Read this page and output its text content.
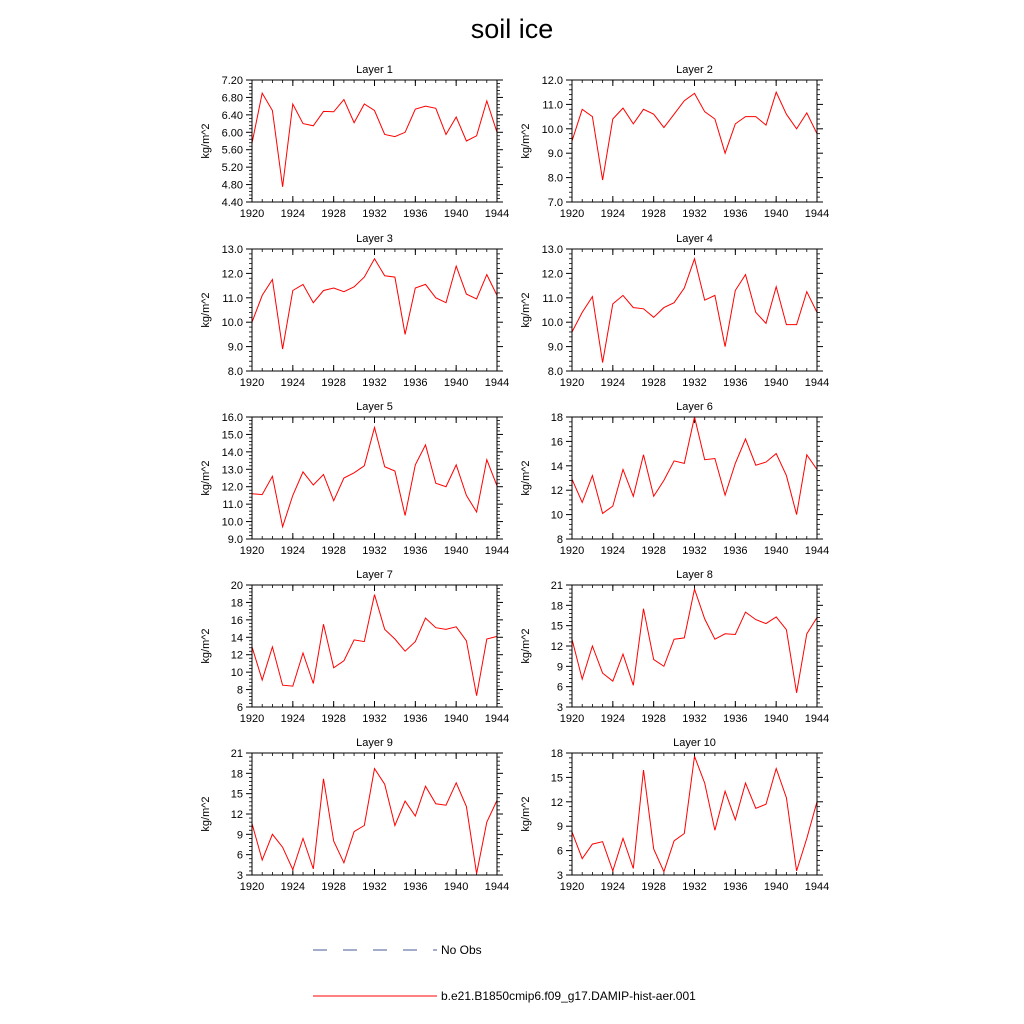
soil ice
Layer 1
1920 1924 1928 1932 1936 1940 1944
4.40
4.80
5.20
5.60
6.00
6.40
6.80
7.20
kg/m^2
Layer 2
1920 1924 1928 1932 1936 1940 1944
7.0
8.0
9.0
10.0
11.0
12.0
kg/m^2
Layer 3
1920 1924 1928 1932 1936 1940 1944
8.0
9.0
10.0
11.0
12.0
13.0
kg/m^2
Layer 4
1920 1924 1928 1932 1936 1940 1944
8.0
9.0
10.0
11.0
12.0
13.0
kg/m^2
Layer 5
1920 1924 1928 1932 1936 1940 1944
9.0
10.0
11.0
12.0
13.0
14.0
15.0
16.0
kg/m^2
Layer 6
1920 1924 1928 1932 1936 1940 1944
8
10
12
14
16
18
kg/m^2
Layer 7
1920 1924 1928 1932 1936 1940 1944
6
8
10
12
14
16
18
20
kg/m^2
Layer 8
1920 1924 1928 1932 1936 1940 1944
3
6
9
12
15
18
21
kg/m^2
Layer 9
1920 1924 1928 1932 1936 1940 1944
3
6
9
12
15
18
21
kg/m^2
Layer 10
1920 1924 1928 1932 1936 1940 1944
3
6
9
12
15
18
kg/m^2
No Obs
b.e21.B1850cmip6.f09_g17.DAMIP-hist-aer.001
